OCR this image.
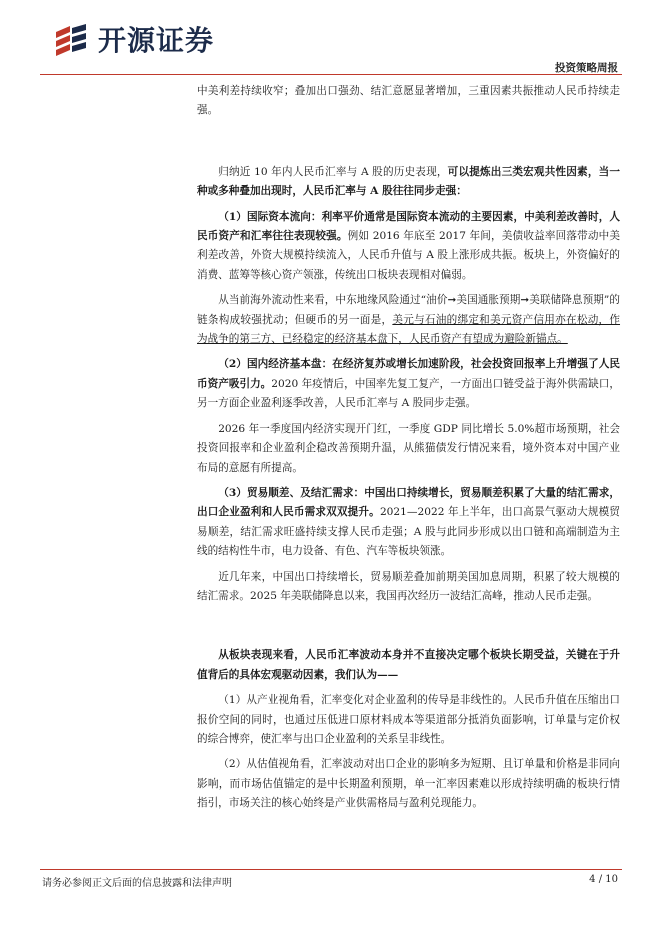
开源证券
投资策略周报

中美利差持续收窄；叠加出口强劲、结汇意愿显著增加，三重因素共振推动人民币持续走强。

归纳近 10 年内人民币汇率与 A 股的历史表现，可以提炼出三类宏观共性因素，当一种或多种叠加出现时，人民币汇率与 A 股往往同步走强：

（1）国际资本流向：利率平价通常是国际资本流动的主要因素，中美利差改善时，人民币资产和汇率往往表现较强。例如 2016 年底至 2017 年间，美债收益率回落带动中美利差改善，外资大规模持续流入，人民币升值与 A 股上涨形成共振。板块上，外资偏好的消费、蓝筹等核心资产领涨，传统出口板块表现相对偏弱。

从当前海外流动性来看，中东地缘风险通过“油价➞美国通胀预期➞美联储降息预期”的链条构成较强扰动；但硬币的另一面是，美元与石油的绑定和美元资产信用亦在松动，作为战争的第三方、已经稳定的经济基本盘下，人民币资产有望成为避险新锚点。

（2）国内经济基本盘：在经济复苏或增长加速阶段，社会投资回报率上升增强了人民币资产吸引力。2020 年疫情后，中国率先复工复产，一方面出口链受益于海外供需缺口，另一方面企业盈利逐季改善，人民币汇率与 A 股同步走强。

2026 年一季度国内经济实现开门红，一季度 GDP 同比增长 5.0%超市场预期，社会投资回报率和企业盈利企稳改善预期升温，从熊猫债发行情况来看，境外资本对中国产业布局的意愿有所提高。

（3）贸易顺差、及结汇需求：中国出口持续增长，贸易顺差积累了大量的结汇需求，出口企业盈利和人民币需求双双提升。2021—2022 年上半年，出口高景气驱动大规模贸易顺差，结汇需求旺盛持续支撑人民币走强；A 股与此同步形成以出口链和高端制造为主线的结构性牛市，电力设备、有色、汽车等板块领涨。

近几年来，中国出口持续增长，贸易顺差叠加前期美国加息周期，积累了较大规模的结汇需求。2025 年美联储降息以来，我国再次经历一波结汇高峰，推动人民币走强。

从板块表现来看，人民币汇率波动本身并不直接决定哪个板块长期受益，关键在于升值背后的具体宏观驱动因素，我们认为——

（1）从产业视角看，汇率变化对企业盈利的传导是非线性的。人民币升值在压缩出口报价空间的同时，也通过压低进口原材料成本等渠道部分抵消负面影响，订单量与定价权的综合博弈，使汇率与出口企业盈利的关系呈非线性。

（2）从估值视角看，汇率波动对出口企业的影响多为短期、且订单量和价格是非同向影响，而市场估值锚定的是中长期盈利预期，单一汇率因素难以形成持续明确的板块行情指引，市场关注的核心始终是产业供需格局与盈利兑现能力。

请务必参阅正文后面的信息披露和法律声明	4 / 10
